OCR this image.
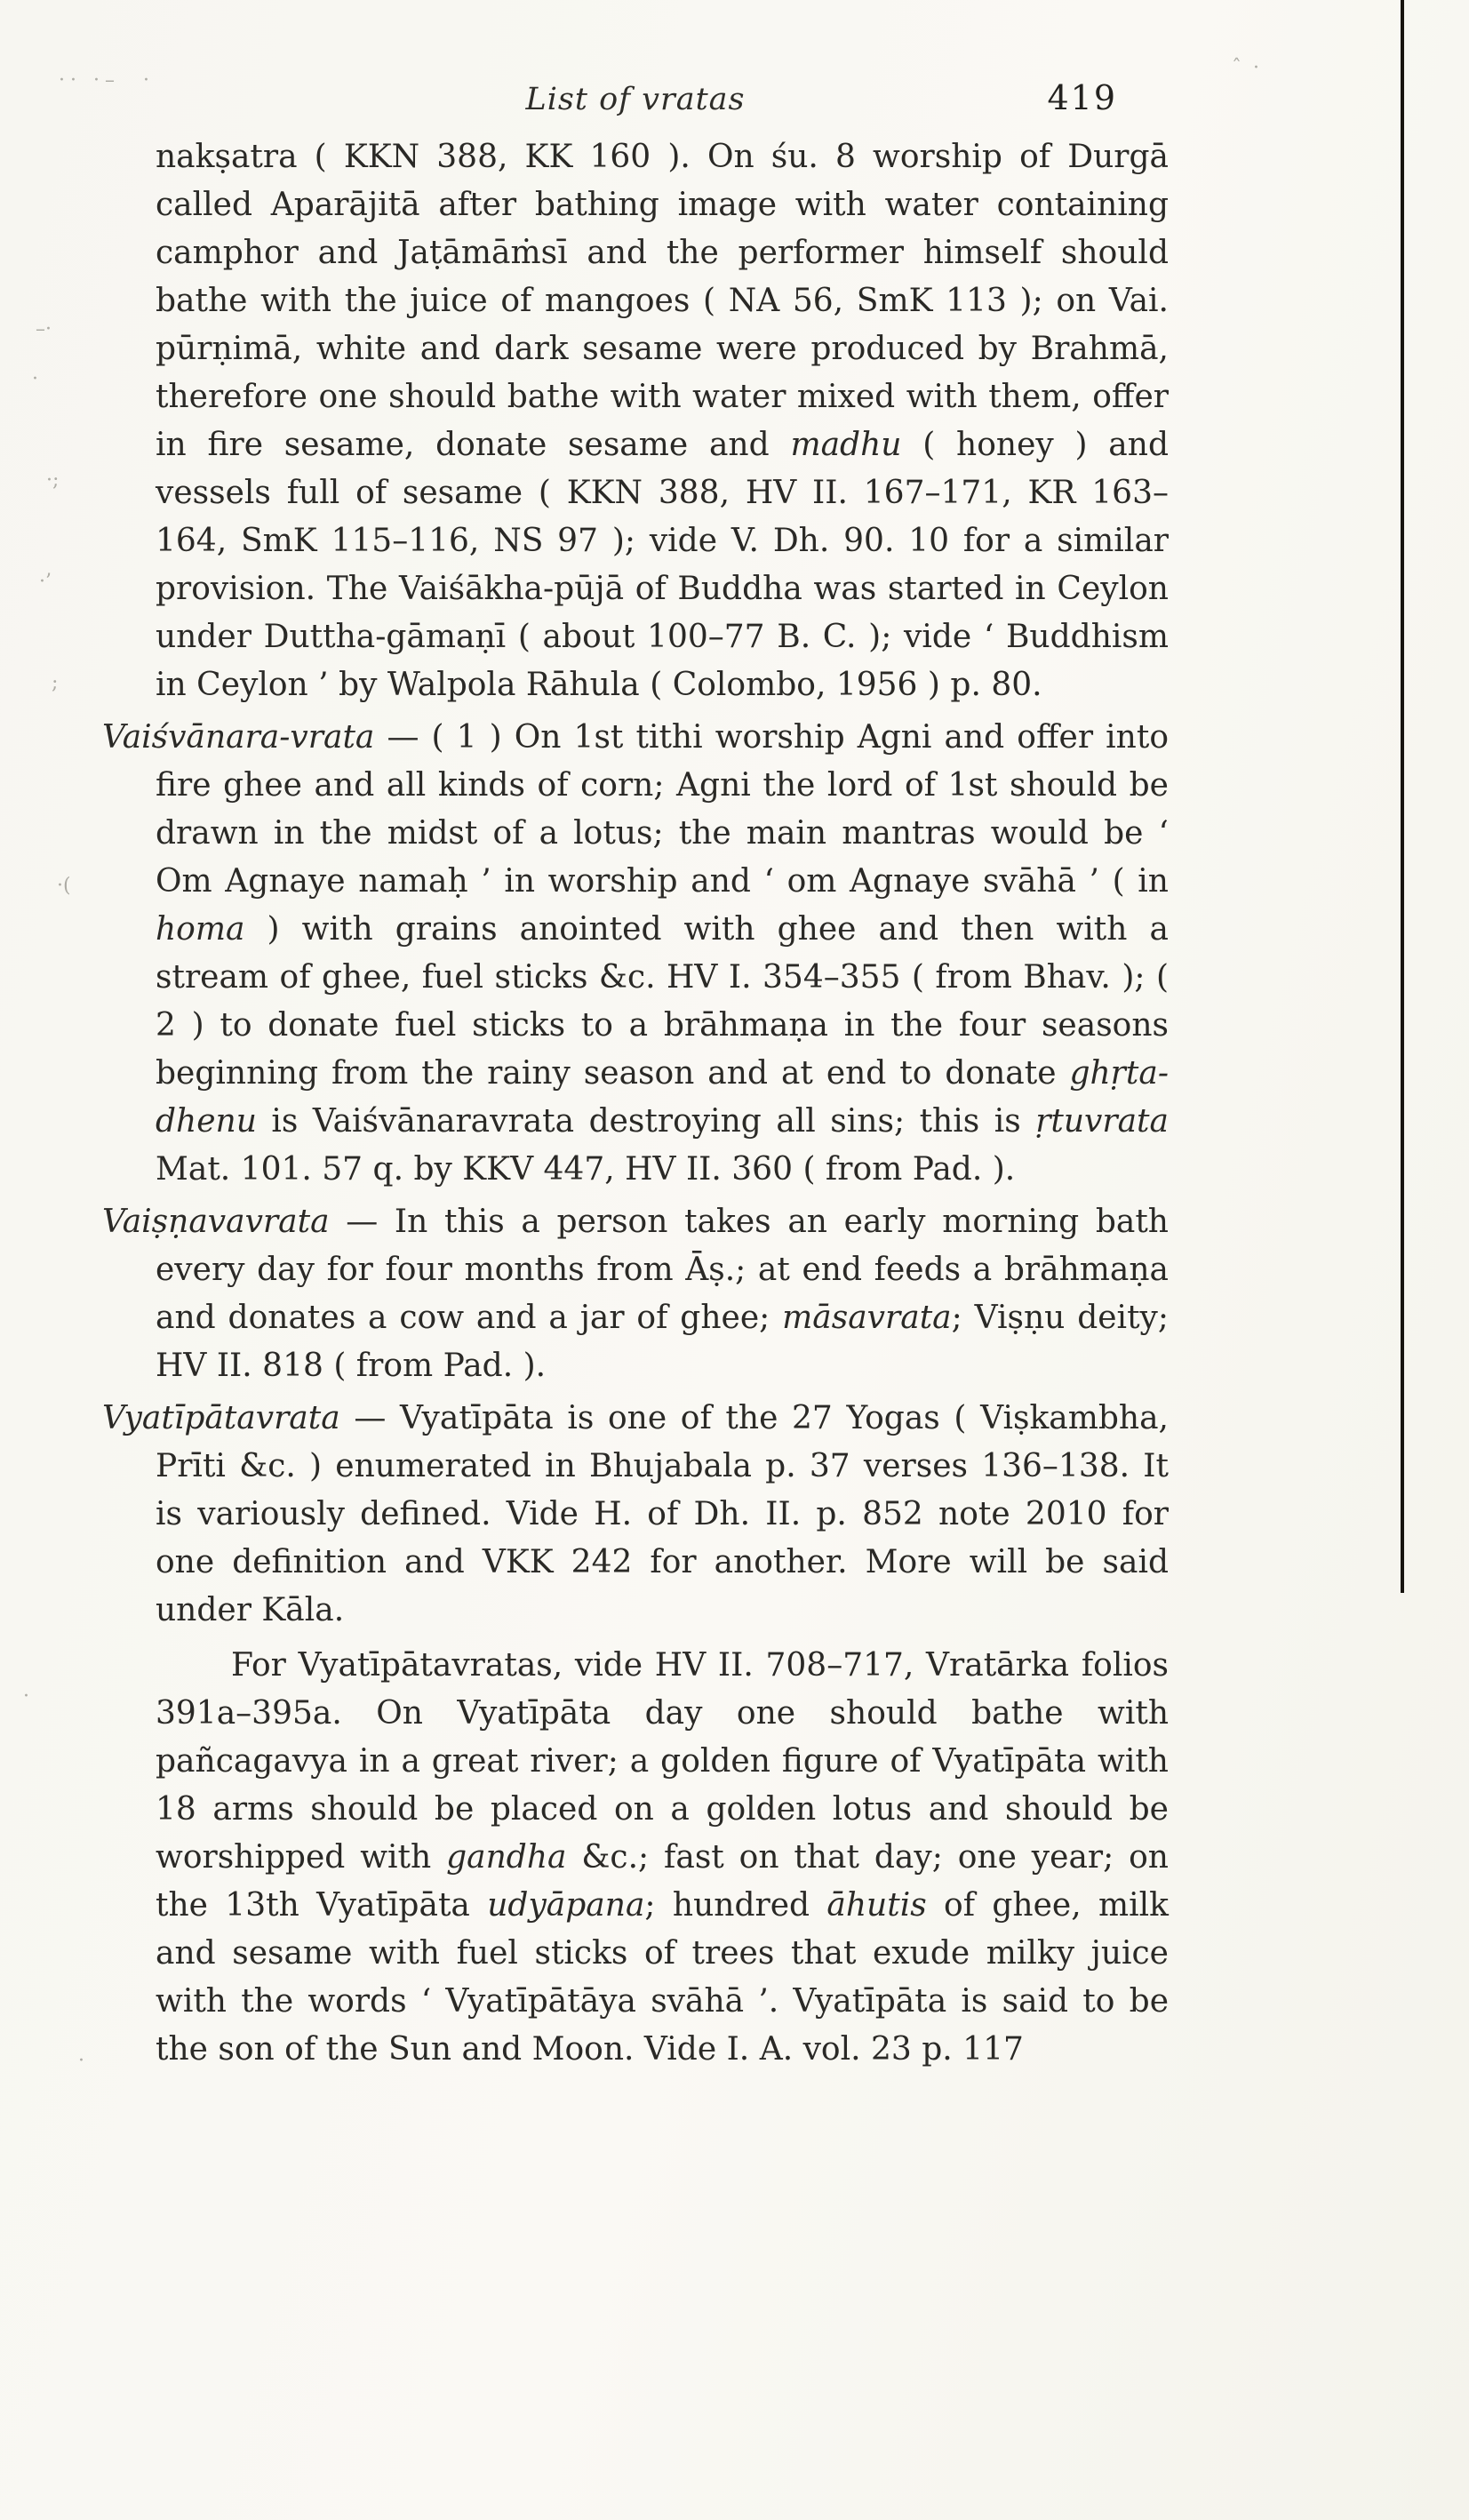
·· ·–  ·
ˆ ·
–·
·
·;
·’
;
·(
·
·
List of vratas	419

nakṣatra ( KKN 388, KK 160 ). On śu. 8 worship of Durgā called Aparājitā after bathing image with water containing camphor and Jaṭāmāṁsī and the performer himself should bathe with the juice of mangoes ( NA 56, SmK 113 ); on Vai. pūrṇimā, white and dark sesame were produced by Brahmā, therefore one should bathe with water mixed with them, offer in fire sesame, donate sesame and madhu ( honey ) and vessels full of sesame ( KKN 388, HV II. 167–171, KR 163–164, SmK 115–116, NS 97 ); vide V. Dh. 90. 10 for a similar provision. The Vaiśākha-pūjā of Buddha was started in Ceylon under Duttha-gāmaṇī ( about 100–77 B. C. ); vide ‘ Buddhism in Ceylon ’ by Walpola Rāhula ( Colombo, 1956 ) p. 80.

Vaiśvānara-vrata — ( 1 ) On 1st tithi worship Agni and offer into fire ghee and all kinds of corn; Agni the lord of 1st should be drawn in the midst of a lotus; the main mantras would be ‘ Om Agnaye namaḥ ’ in worship and ‘ om Agnaye svāhā ’ ( in homa ) with grains anointed with ghee and then with a stream of ghee, fuel sticks &c. HV I. 354–355 ( from Bhav. ); ( 2 ) to donate fuel sticks to a brāhmaṇa in the four seasons beginning from the rainy season and at end to donate ghṛta-dhenu is Vaiśvānaravrata destroying all sins; this is ṛtuvrata Mat. 101. 57 q. by KKV 447, HV II. 360 ( from Pad. ).

Vaiṣṇavavrata — In this a person takes an early morning bath every day for four months from Āṣ.; at end feeds a brāhmaṇa and donates a cow and a jar of ghee; māsavrata; Viṣṇu deity; HV II. 818 ( from Pad. ).

Vyatīpātavrata — Vyatīpāta is one of the 27 Yogas ( Viṣkambha, Prīti &c. ) enumerated in Bhujabala p. 37 verses 136–138. It is variously defined. Vide H. of Dh. II. p. 852 note 2010 for one definition and VKK 242 for another. More will be said under Kāla.

For Vyatīpātavratas, vide HV II. 708–717, Vratārka folios 391a–395a. On Vyatīpāta day one should bathe with pañcagavya in a great river; a golden figure of Vyatīpāta with 18 arms should be placed on a golden lotus and should be worshipped with gandha &c.; fast on that day; one year; on the 13th Vyatīpāta udyāpana; hundred āhutis of ghee, milk and sesame with fuel sticks of trees that exude milky juice with the words ‘ Vyatīpātāya svāhā ’. Vyatīpāta is said to be the son of the Sun and Moon. Vide I. A. vol. 23 p. 117
